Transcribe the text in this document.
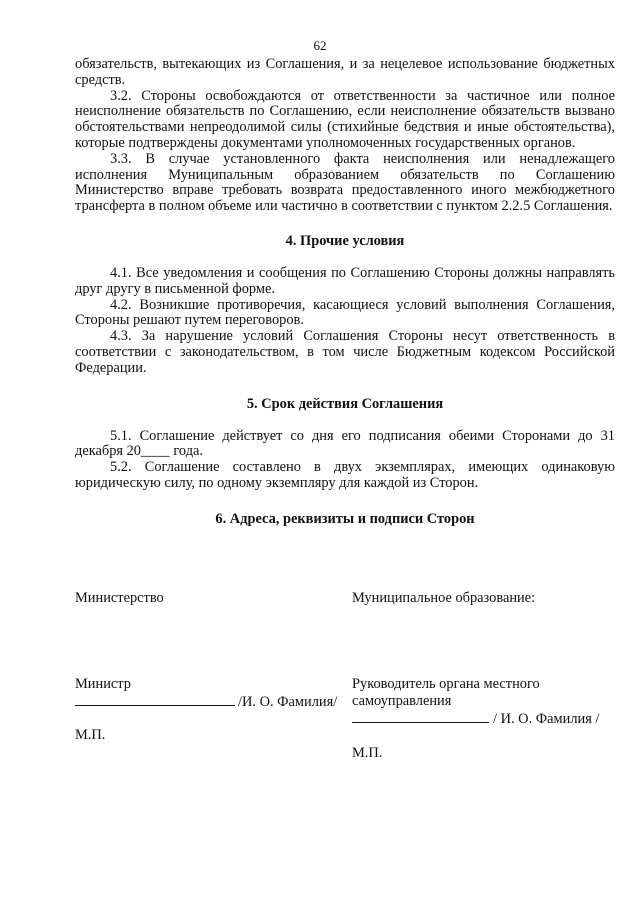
62

обязательств, вытекающих из Соглашения, и за нецелевое использование бюджетных средств.

3.2. Стороны освобождаются от ответственности за частичное или полное неисполнение обязательств по Соглашению, если неисполнение обязательств вызвано обстоятельствами непреодолимой силы (стихийные бедствия и иные обстоятельства), которые подтверждены документами уполномоченных государственных органов.

3.3. В случае установленного факта неисполнения или ненадлежащего исполнения Муниципальным образованием обязательств по Соглашению Министерство вправе требовать возврата предоставленного иного межбюджетного трансферта в полном объеме или частично в соответствии с пунктом 2.2.5 Соглашения.

4. Прочие условия

4.1. Все уведомления и сообщения по Соглашению Стороны должны направлять друг другу в письменной форме.

4.2. Возникшие противоречия, касающиеся условий выполнения Соглашения, Стороны решают путем переговоров.

4.3. За нарушение условий Соглашения Стороны несут ответственность в соответствии с законодательством, в том числе Бюджетным кодексом Российской Федерации.

5. Срок действия Соглашения

5.1. Соглашение действует со дня его подписания обеими Сторонами до 31 декабря 20____ года.

5.2. Соглашение составлено в двух экземплярах, имеющих одинаковую юридическую силу, по одному экземпляру для каждой из Сторон.

6. Адреса, реквизиты и подписи Сторон
Министерство
Министр
/И. О. Фамилия/
М.П.
Муниципальное образование:
Руководитель органа местного
самоуправления
/ И. О. Фамилия /
М.П.
